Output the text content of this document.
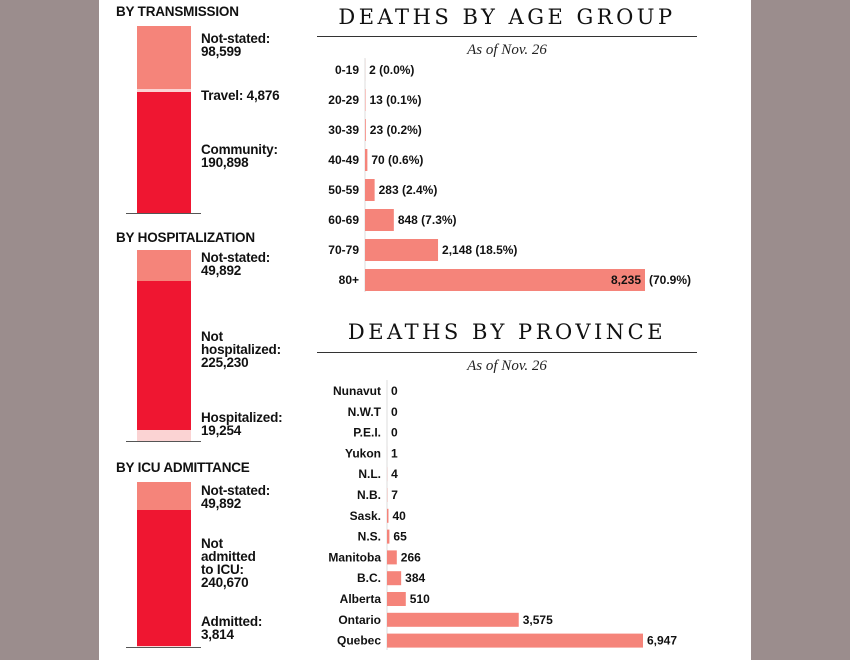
BY TRANSMISSION
Not-stated:
98,599
Travel: 4,876
Community:
190,898
BY HOSPITALIZATION
Not-stated:
49,892
Not
hospitalized:
225,230
Hospitalized:
19,254
BY ICU ADMITTANCE
Not-stated:
49,892
Not
admitted
to ICU:
240,670
Admitted:
3,814
DEATHS BY AGE GROUP
As of Nov. 26
0-19 2 (0.0%)
20-29 13 (0.1%)
30-39 23 (0.2%)
40-49 70 (0.6%)
50-59 283 (2.4%)
60-69	848 (7.3%)
70-79	2,148 (18.5%)
80+	8,235 (70.9%)
DEATHS BY PROVINCE
As of Nov. 26
Nunavut 0
N.W.T 0
P.E.I. 0
Yukon 1
N.L. 4
N.B. 7
Sask. 40
N.S. 65
Manitoba 266
B.C. 384
Alberta 510
Ontario	3,575
Quebec	6,947
